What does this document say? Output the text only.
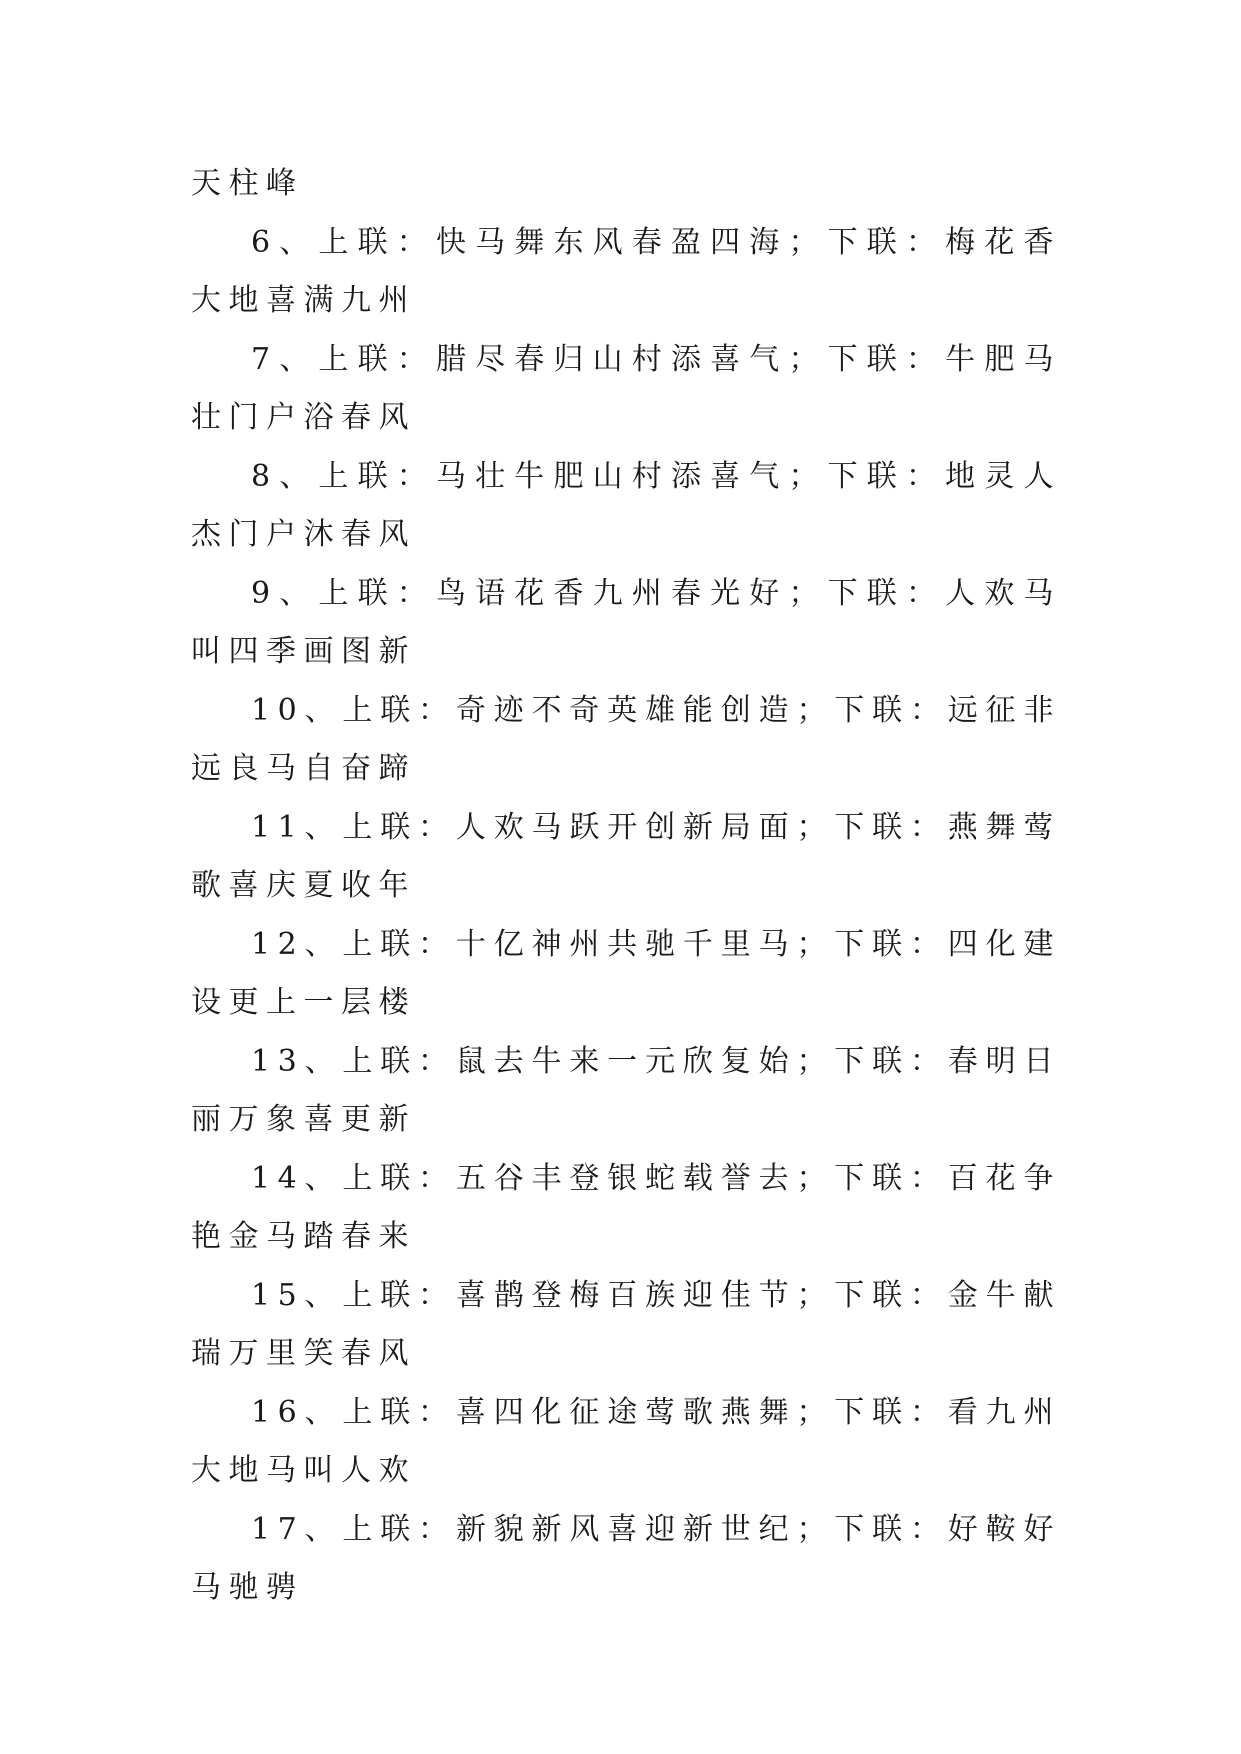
天柱峰

6、上联：快马舞东风春盈四海；下联：梅花香大地喜满九州

7、上联：腊尽春归山村添喜气；下联：牛肥马壮门户浴春风

8、上联：马壮牛肥山村添喜气；下联：地灵人杰门户沐春风

9、上联：鸟语花香九州春光好；下联：人欢马叫四季画图新

10、上联：奇迹不奇英雄能创造；下联：远征非远良马自奋蹄

11、上联：人欢马跃开创新局面；下联：燕舞莺歌喜庆夏收年

12、上联：十亿神州共驰千里马；下联：四化建设更上一层楼

13、上联：鼠去牛来一元欣复始；下联：春明日丽万象喜更新

14、上联：五谷丰登银蛇载誉去；下联：百花争艳金马踏春来

15、上联：喜鹊登梅百族迎佳节；下联：金牛献瑞万里笑春风

16、上联：喜四化征途莺歌燕舞；下联：看九州大地马叫人欢

17、上联：新貌新风喜迎新世纪；下联：好鞍好马驰骋
